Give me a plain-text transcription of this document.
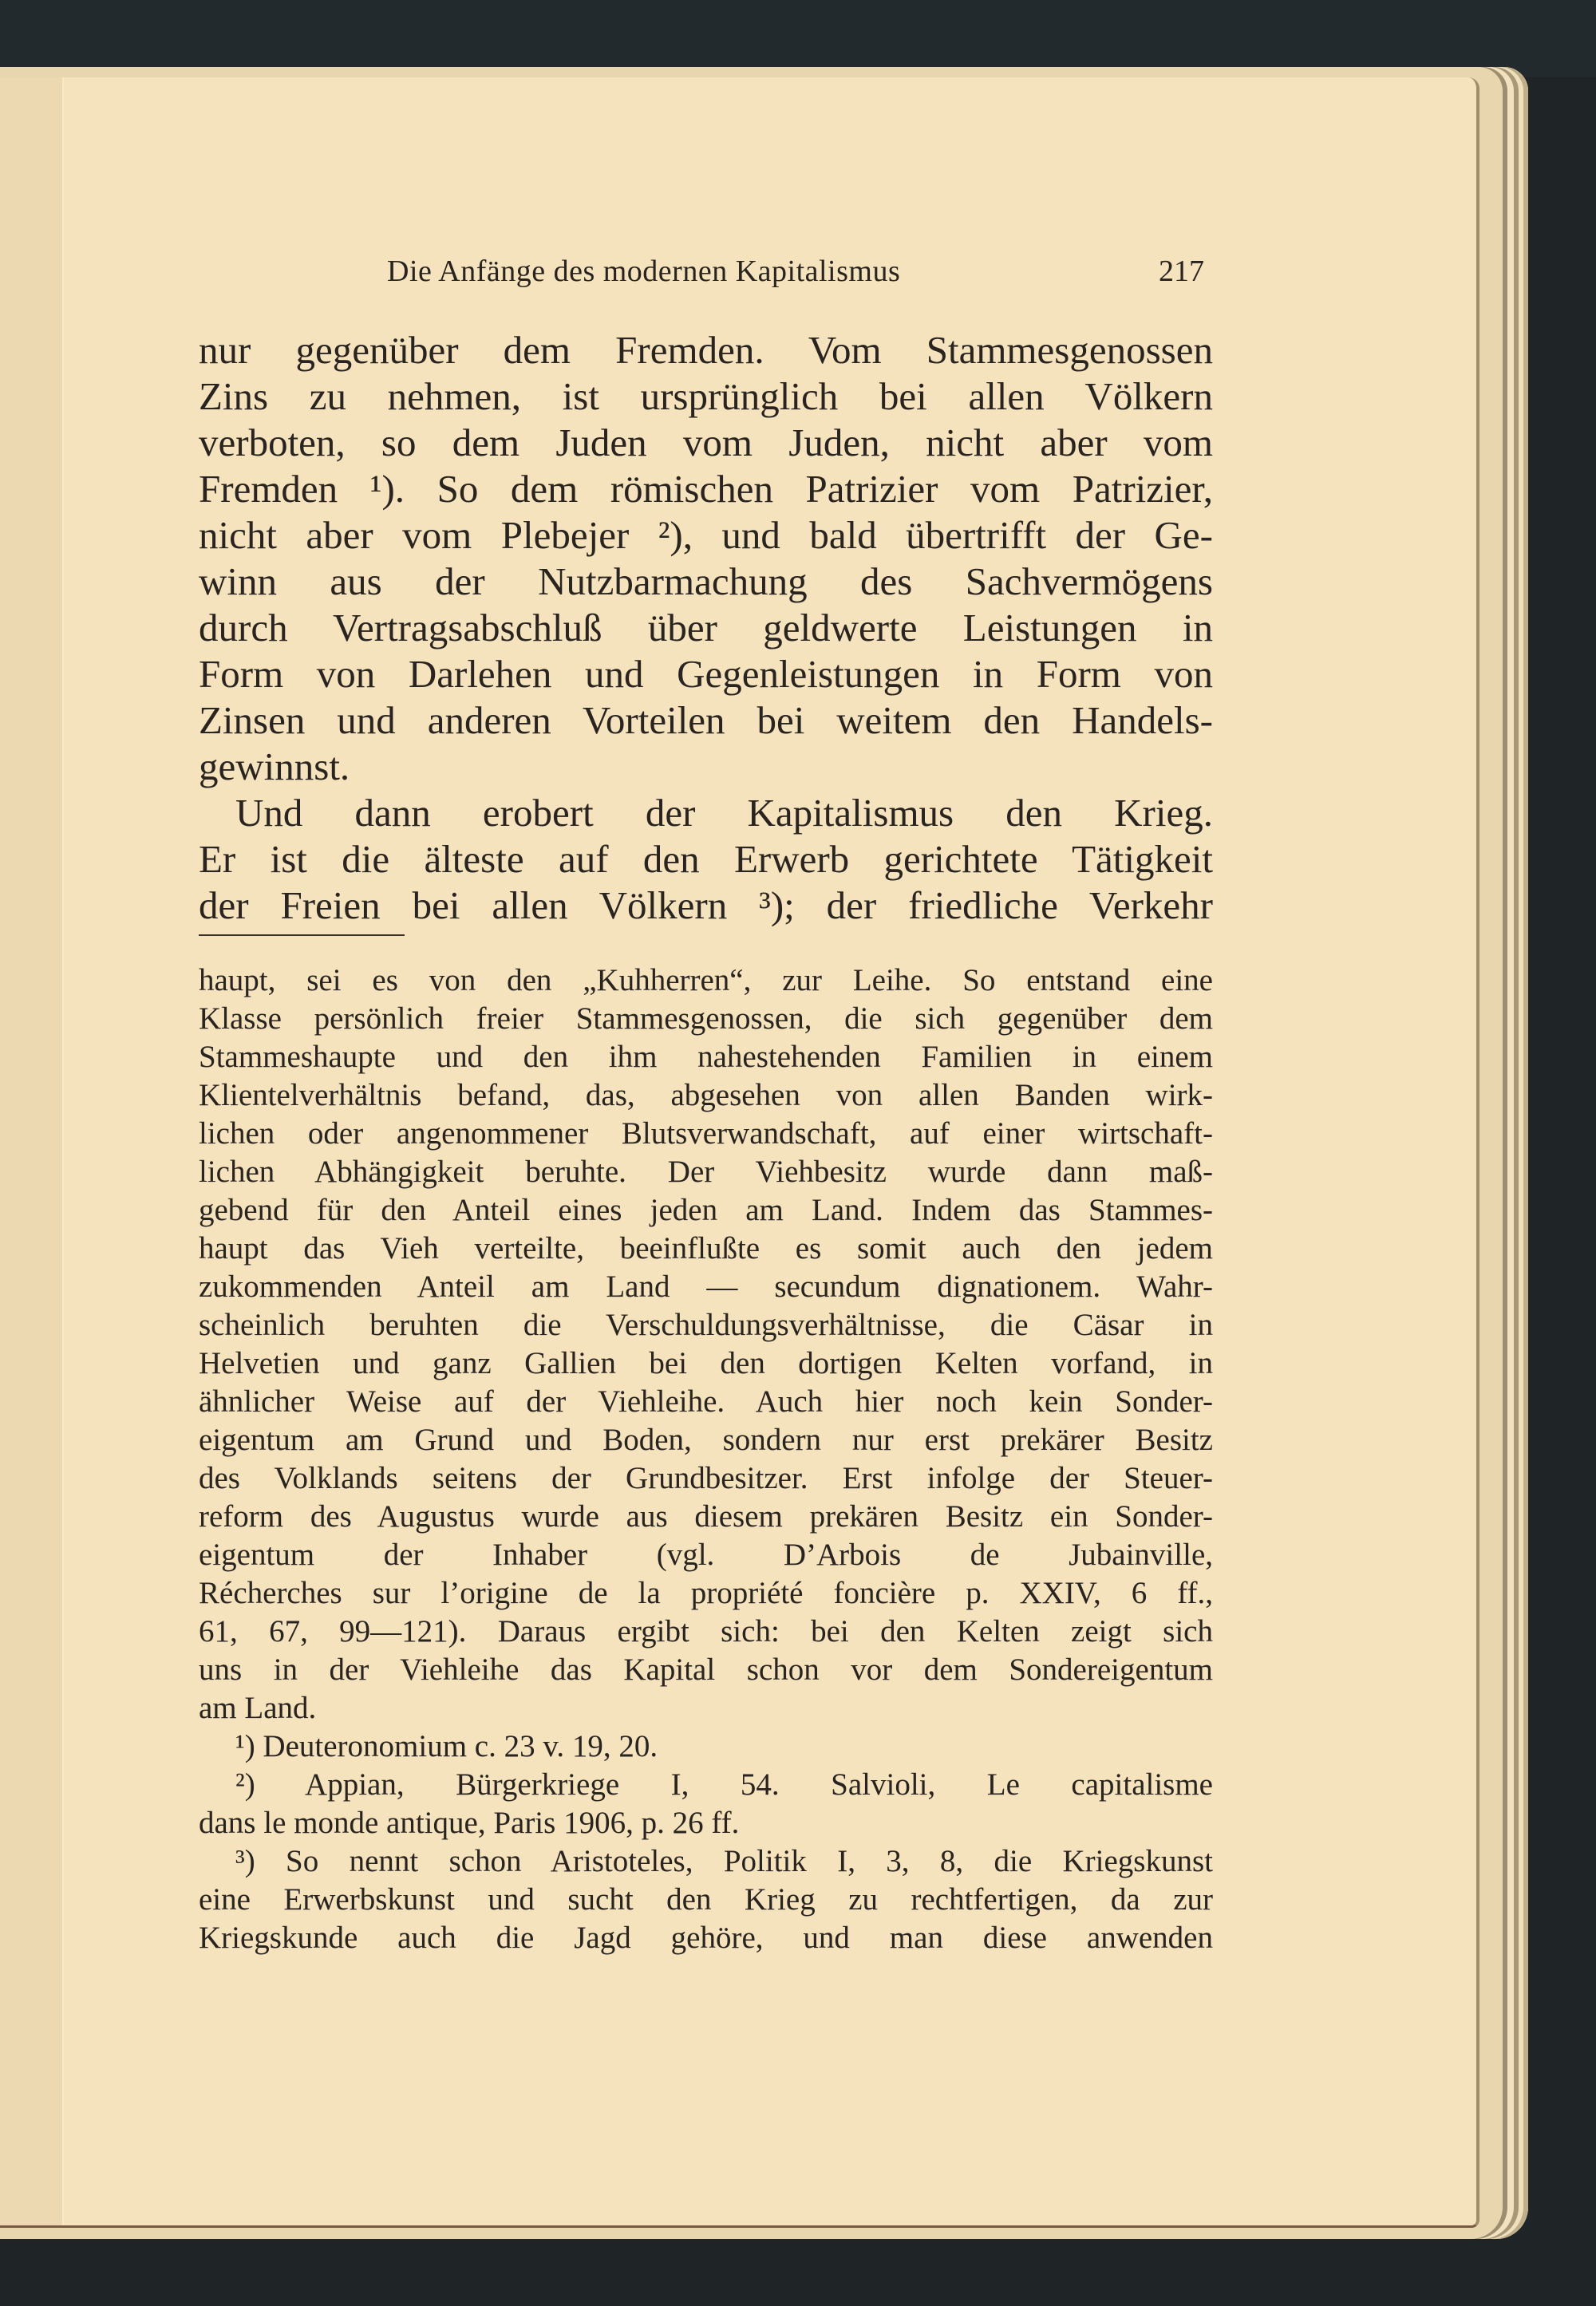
Die Anfänge des modernen Kapitalismus	217
nur gegenüber dem Fremden. Vom Stammesgenossen
Zins zu nehmen, ist ursprünglich bei allen Völkern
verboten, so dem Juden vom Juden, nicht aber vom
Fremden ¹). So dem römischen Patrizier vom Patrizier,
nicht aber vom Plebejer ²), und bald übertrifft der Ge-
winn aus der Nutzbarmachung des Sachvermögens
durch Vertragsabschluß über geldwerte Leistungen in
Form von Darlehen und Gegenleistungen in Form von
Zinsen und anderen Vorteilen bei weitem den Handels-
gewinnst.
Und dann erobert der Kapitalismus den Krieg.
Er ist die älteste auf den Erwerb gerichtete Tätigkeit
der Freien bei allen Völkern ³); der friedliche Verkehr
haupt, sei es von den „Kuhherren“, zur Leihe. So entstand eine
Klasse persönlich freier Stammesgenossen, die sich gegenüber dem
Stammeshaupte und den ihm nahestehenden Familien in einem
Klientelverhältnis befand, das, abgesehen von allen Banden wirk-
lichen oder angenommener Blutsverwandschaft, auf einer wirtschaft-
lichen Abhängigkeit beruhte. Der Viehbesitz wurde dann maß-
gebend für den Anteil eines jeden am Land. Indem das Stammes-
haupt das Vieh verteilte, beeinflußte es somit auch den jedem
zukommenden Anteil am Land — secundum dignationem. Wahr-
scheinlich beruhten die Verschuldungsverhältnisse, die Cäsar in
Helvetien und ganz Gallien bei den dortigen Kelten vorfand, in
ähnlicher Weise auf der Viehleihe. Auch hier noch kein Sonder-
eigentum am Grund und Boden, sondern nur erst prekärer Besitz
des Volklands seitens der Grundbesitzer. Erst infolge der Steuer-
reform des Augustus wurde aus diesem prekären Besitz ein Sonder-
eigentum der Inhaber (vgl. D’Arbois de Jubainville,
Récherches sur l’origine de la propriété foncière p. XXIV, 6 ff.,
61, 67, 99—121). Daraus ergibt sich: bei den Kelten zeigt sich
uns in der Viehleihe das Kapital schon vor dem Sondereigentum
am Land.
¹) Deuteronomium c. 23 v. 19, 20.
²) Appian, Bürgerkriege I, 54. Salvioli, Le capitalisme
dans le monde antique, Paris 1906, p. 26 ff.
³) So nennt schon Aristoteles, Politik I, 3, 8, die Kriegskunst
eine Erwerbskunst und sucht den Krieg zu rechtfertigen, da zur
Kriegskunde auch die Jagd gehöre, und man diese anwenden
